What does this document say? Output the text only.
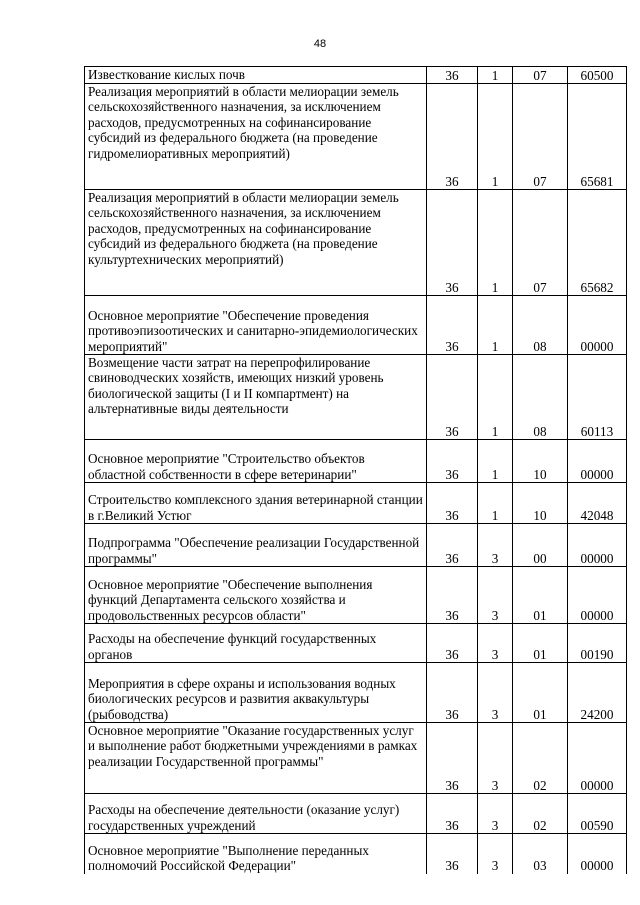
48
Известкование кислых почв	36	1	07	60500
Реализация мероприятий в области мелиорации земель сельскохозяйственного назначения, за исключением расходов, предусмотренных на софинансирование субсидий из федерального бюджета (на проведение гидромелиоративных мероприятий)	36	1	07	65681
Реализация мероприятий в области мелиорации земель сельскохозяйственного назначения, за исключением расходов, предусмотренных на софинансирование субсидий из федерального бюджета (на проведение культуртехнических мероприятий)	36	1	07	65682
Основное мероприятие "Обеспечение проведения противоэпизоотических и санитарно-эпидемиологических мероприятий"	36	1	08	00000
Возмещение части затрат на перепрофилирование свиноводческих хозяйств, имеющих низкий уровень биологической защиты (I и II компартмент) на альтернативные виды деятельности	36	1	08	60113
Основное мероприятие "Строительство объектов областной собственности в сфере ветеринарии"	36	1	10	00000
Строительство комплексного здания ветеринарной станции в г.Великий Устюг	36	1	10	42048
Подпрограмма "Обеспечение реализации Государственной программы"	36	3	00	00000
Основное мероприятие "Обеспечение выполнения функций Департамента сельского хозяйства и продовольственных ресурсов области"	36	3	01	00000
Расходы на обеспечение функций государственных органов	36	3	01	00190
Мероприятия в сфере охраны и использования водных биологических ресурсов и развития аквакультуры (рыбоводства)	36	3	01	24200
Основное мероприятие "Оказание государственных услуг и выполнение работ бюджетными учреждениями в рамках реализации Государственной программы"	36	3	02	00000
Расходы на обеспечение деятельности (оказание услуг) государственных учреждений	36	3	02	00590
Основное мероприятие "Выполнение переданных полномочий Российской Федерации"	36	3	03	00000
